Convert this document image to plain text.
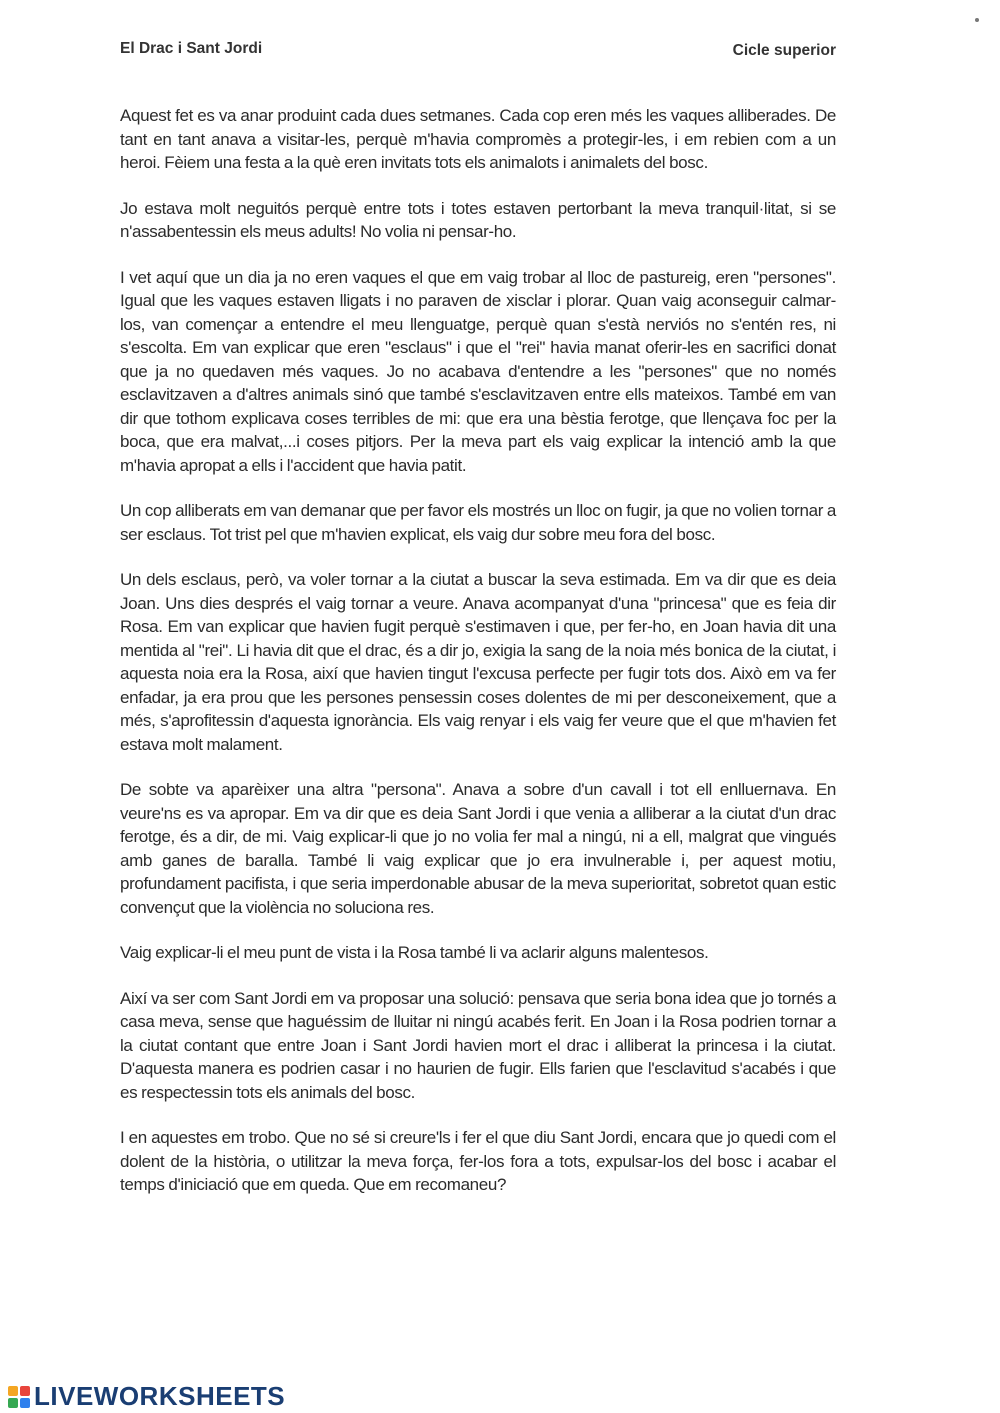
El Drac i Sant Jordi	Cicle superior

Aquest fet es va anar produint cada dues setmanes. Cada cop eren més les vaques alliberades. De tant en tant anava a visitar-les, perquè m'havia compromès a protegir-les, i em rebien com a un heroi. Fèiem una festa a la què eren invitats tots els animalots i animalets del bosc.

Jo estava molt neguitós perquè entre tots i totes estaven pertorbant la meva tranquil·litat, si se n'assabentessin els meus adults! No volia ni pensar-ho.

I vet aquí que un dia ja no eren vaques el que em vaig trobar al lloc de pastureig, eren "persones". Igual que les vaques estaven lligats i no paraven de xisclar i plorar. Quan vaig aconseguir calmar-los, van començar a entendre el meu llenguatge, perquè quan s'està nerviós no s'entén res, ni s'escolta. Em van explicar que eren "esclaus" i que el "rei" havia manat oferir-les en sacrifici donat que ja no quedaven més vaques. Jo no acabava d'entendre a les "persones" que no només esclavitzaven a d'altres animals sinó que també s'esclavitzaven entre ells mateixos. També em van dir que tothom explicava coses terribles de mi: que era una bèstia ferotge, que llençava foc per la boca, que era malvat,...i coses pitjors. Per la meva part els vaig explicar la intenció amb la que m'havia apropat a ells i l'accident que havia patit.

Un cop alliberats em van demanar que per favor els mostrés un lloc on fugir, ja que no volien tornar a ser esclaus. Tot trist pel que m'havien explicat, els vaig dur sobre meu fora del bosc.

Un dels esclaus, però, va voler tornar a la ciutat a buscar la seva estimada. Em va dir que es deia Joan. Uns dies després el vaig tornar a veure. Anava acompanyat d'una "princesa" que es feia dir Rosa. Em van explicar que havien fugit perquè s'estimaven i que, per fer-ho, en Joan havia dit una mentida al "rei". Li havia dit que el drac, és a dir jo, exigia la sang de la noia més bonica de la ciutat, i aquesta noia era la Rosa, així que havien tingut l'excusa perfecte per fugir tots dos. Això em va fer enfadar, ja era prou que les persones pensessin coses dolentes de mi per desconeixement, que a més, s'aprofitessin d'aquesta ignorància. Els vaig renyar i els vaig fer veure que el que m'havien fet estava molt malament.

De sobte va aparèixer una altra "persona". Anava a sobre d'un cavall i tot ell enlluernava. En veure'ns es va apropar. Em va dir que es deia Sant Jordi i que venia a alliberar a la ciutat d'un drac ferotge, és a dir, de mi. Vaig explicar-li que jo no volia fer mal a ningú, ni a ell, malgrat que vingués amb ganes de baralla. També li vaig explicar que jo era invulnerable i, per aquest motiu, profundament pacifista, i que seria imperdonable abusar de la meva superioritat, sobretot quan estic convençut que la violència no soluciona res.

Vaig explicar-li el meu punt de vista i la Rosa també li va aclarir alguns malentesos.

Així va ser com Sant Jordi em va proposar una solució: pensava que seria bona idea que jo tornés a casa meva, sense que haguéssim de lluitar ni ningú acabés ferit. En Joan i la Rosa podrien tornar a la ciutat contant que entre Joan i Sant Jordi havien mort el drac i alliberat la princesa i la ciutat. D'aquesta manera es podrien casar i no haurien de fugir. Ells farien que l'esclavitud s'acabés i que es respectessin tots els animals del bosc.

I en aquestes em trobo. Que no sé si creure'ls i fer el que diu Sant Jordi, encara que jo quedi com el dolent de la història, o utilitzar la meva força, fer-los fora a tots, expulsar-los del bosc i acabar el temps d'iniciació que em queda. Que em recomaneu?

LIVEWORKSHEETS
